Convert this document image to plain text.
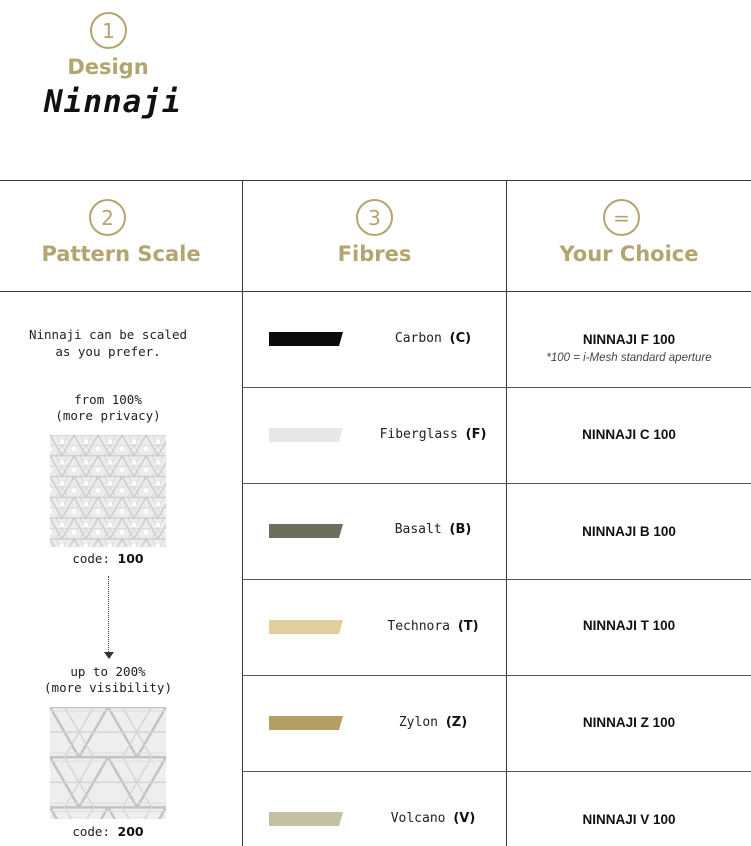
1
Design
Ninnaji
2
Pattern Scale
3
Fibres
=
Your Choice
Ninnaji can be scaled
as you prefer.
from 100%
(more privacy)
code: 100
up to 200%
(more visibility)
code: 200
Carbon (C)	NINNAJI F 100
*100 = i-Mesh standard aperture
Fiberglass (F)	NINNAJI C 100
Basalt (B)	NINNAJI B 100
Technora (T)	NINNAJI T 100
Zylon (Z)	NINNAJI Z 100
Volcano (V)	NINNAJI V 100
